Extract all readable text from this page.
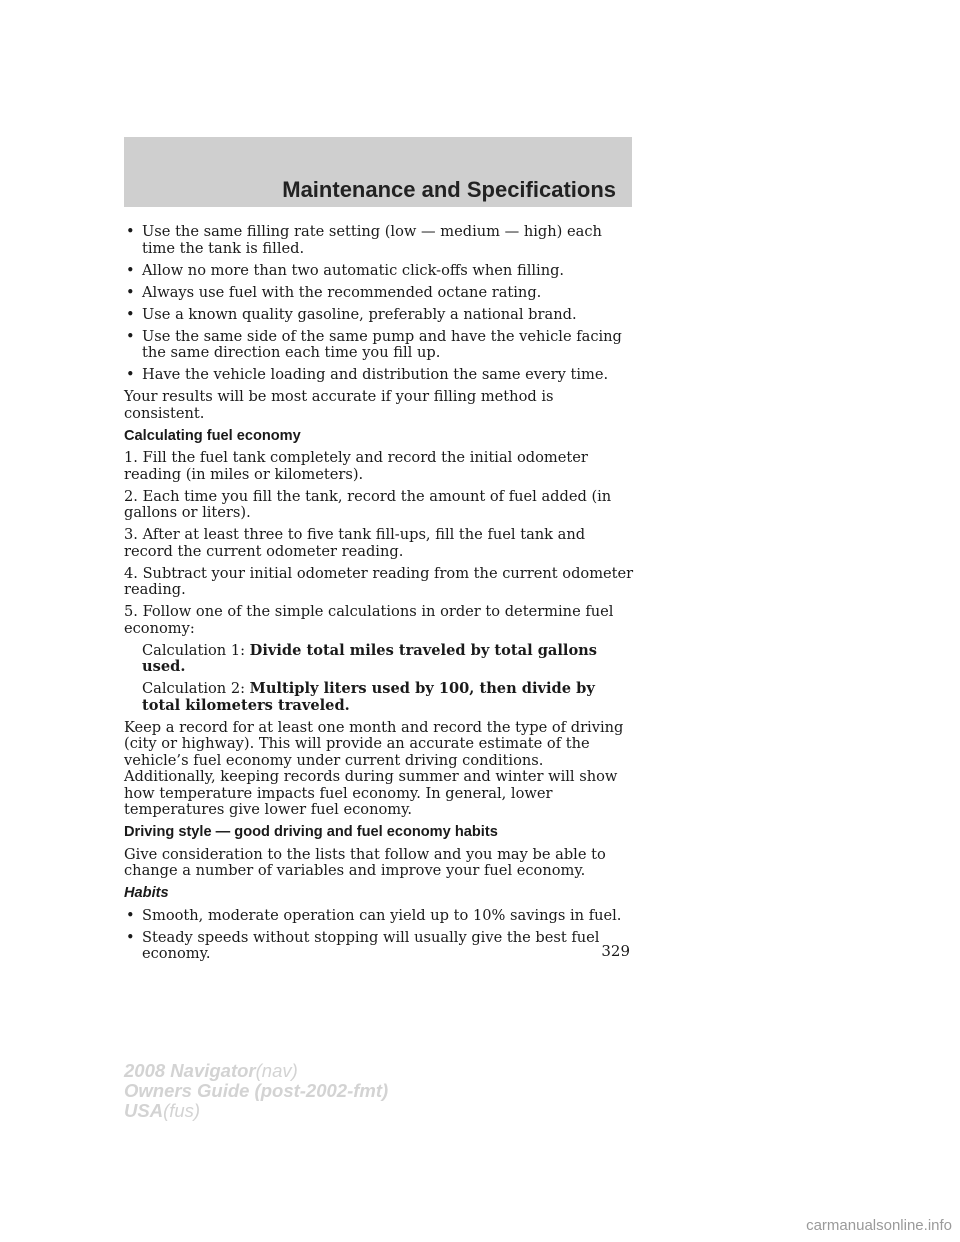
Maintenance and Specifications
• Use the same filling rate setting (low — medium — high) each time the tank is filled.
• Allow no more than two automatic click-offs when filling.
• Always use fuel with the recommended octane rating.
• Use a known quality gasoline, preferably a national brand.
• Use the same side of the same pump and have the vehicle facing the same direction each time you fill up.
• Have the vehicle loading and distribution the same every time.

Your results will be most accurate if your filling method is consistent.

Calculating fuel economy

1. Fill the fuel tank completely and record the initial odometer reading (in miles or kilometers).

2. Each time you fill the tank, record the amount of fuel added (in gallons or liters).

3. After at least three to five tank fill-ups, fill the fuel tank and record the current odometer reading.

4. Subtract your initial odometer reading from the current odometer reading.

5. Follow one of the simple calculations in order to determine fuel economy:

Calculation 1: Divide total miles traveled by total gallons used.
Calculation 2: Multiply liters used by 100, then divide by total kilometers traveled.

Keep a record for at least one month and record the type of driving (city or highway). This will provide an accurate estimate of the vehicle’s fuel economy under current driving conditions. Additionally, keeping records during summer and winter will show how temperature impacts fuel economy. In general, lower temperatures give lower fuel economy.

Driving style — good driving and fuel economy habits

Give consideration to the lists that follow and you may be able to change a number of variables and improve your fuel economy.

Habits
• Smooth, moderate operation can yield up to 10% savings in fuel.
• Steady speeds without stopping will usually give the best fuel economy.	329
2008 Navigator(nav)
Owners Guide (post-2002-fmt)
USA(fus)
carmanualsonline.info
